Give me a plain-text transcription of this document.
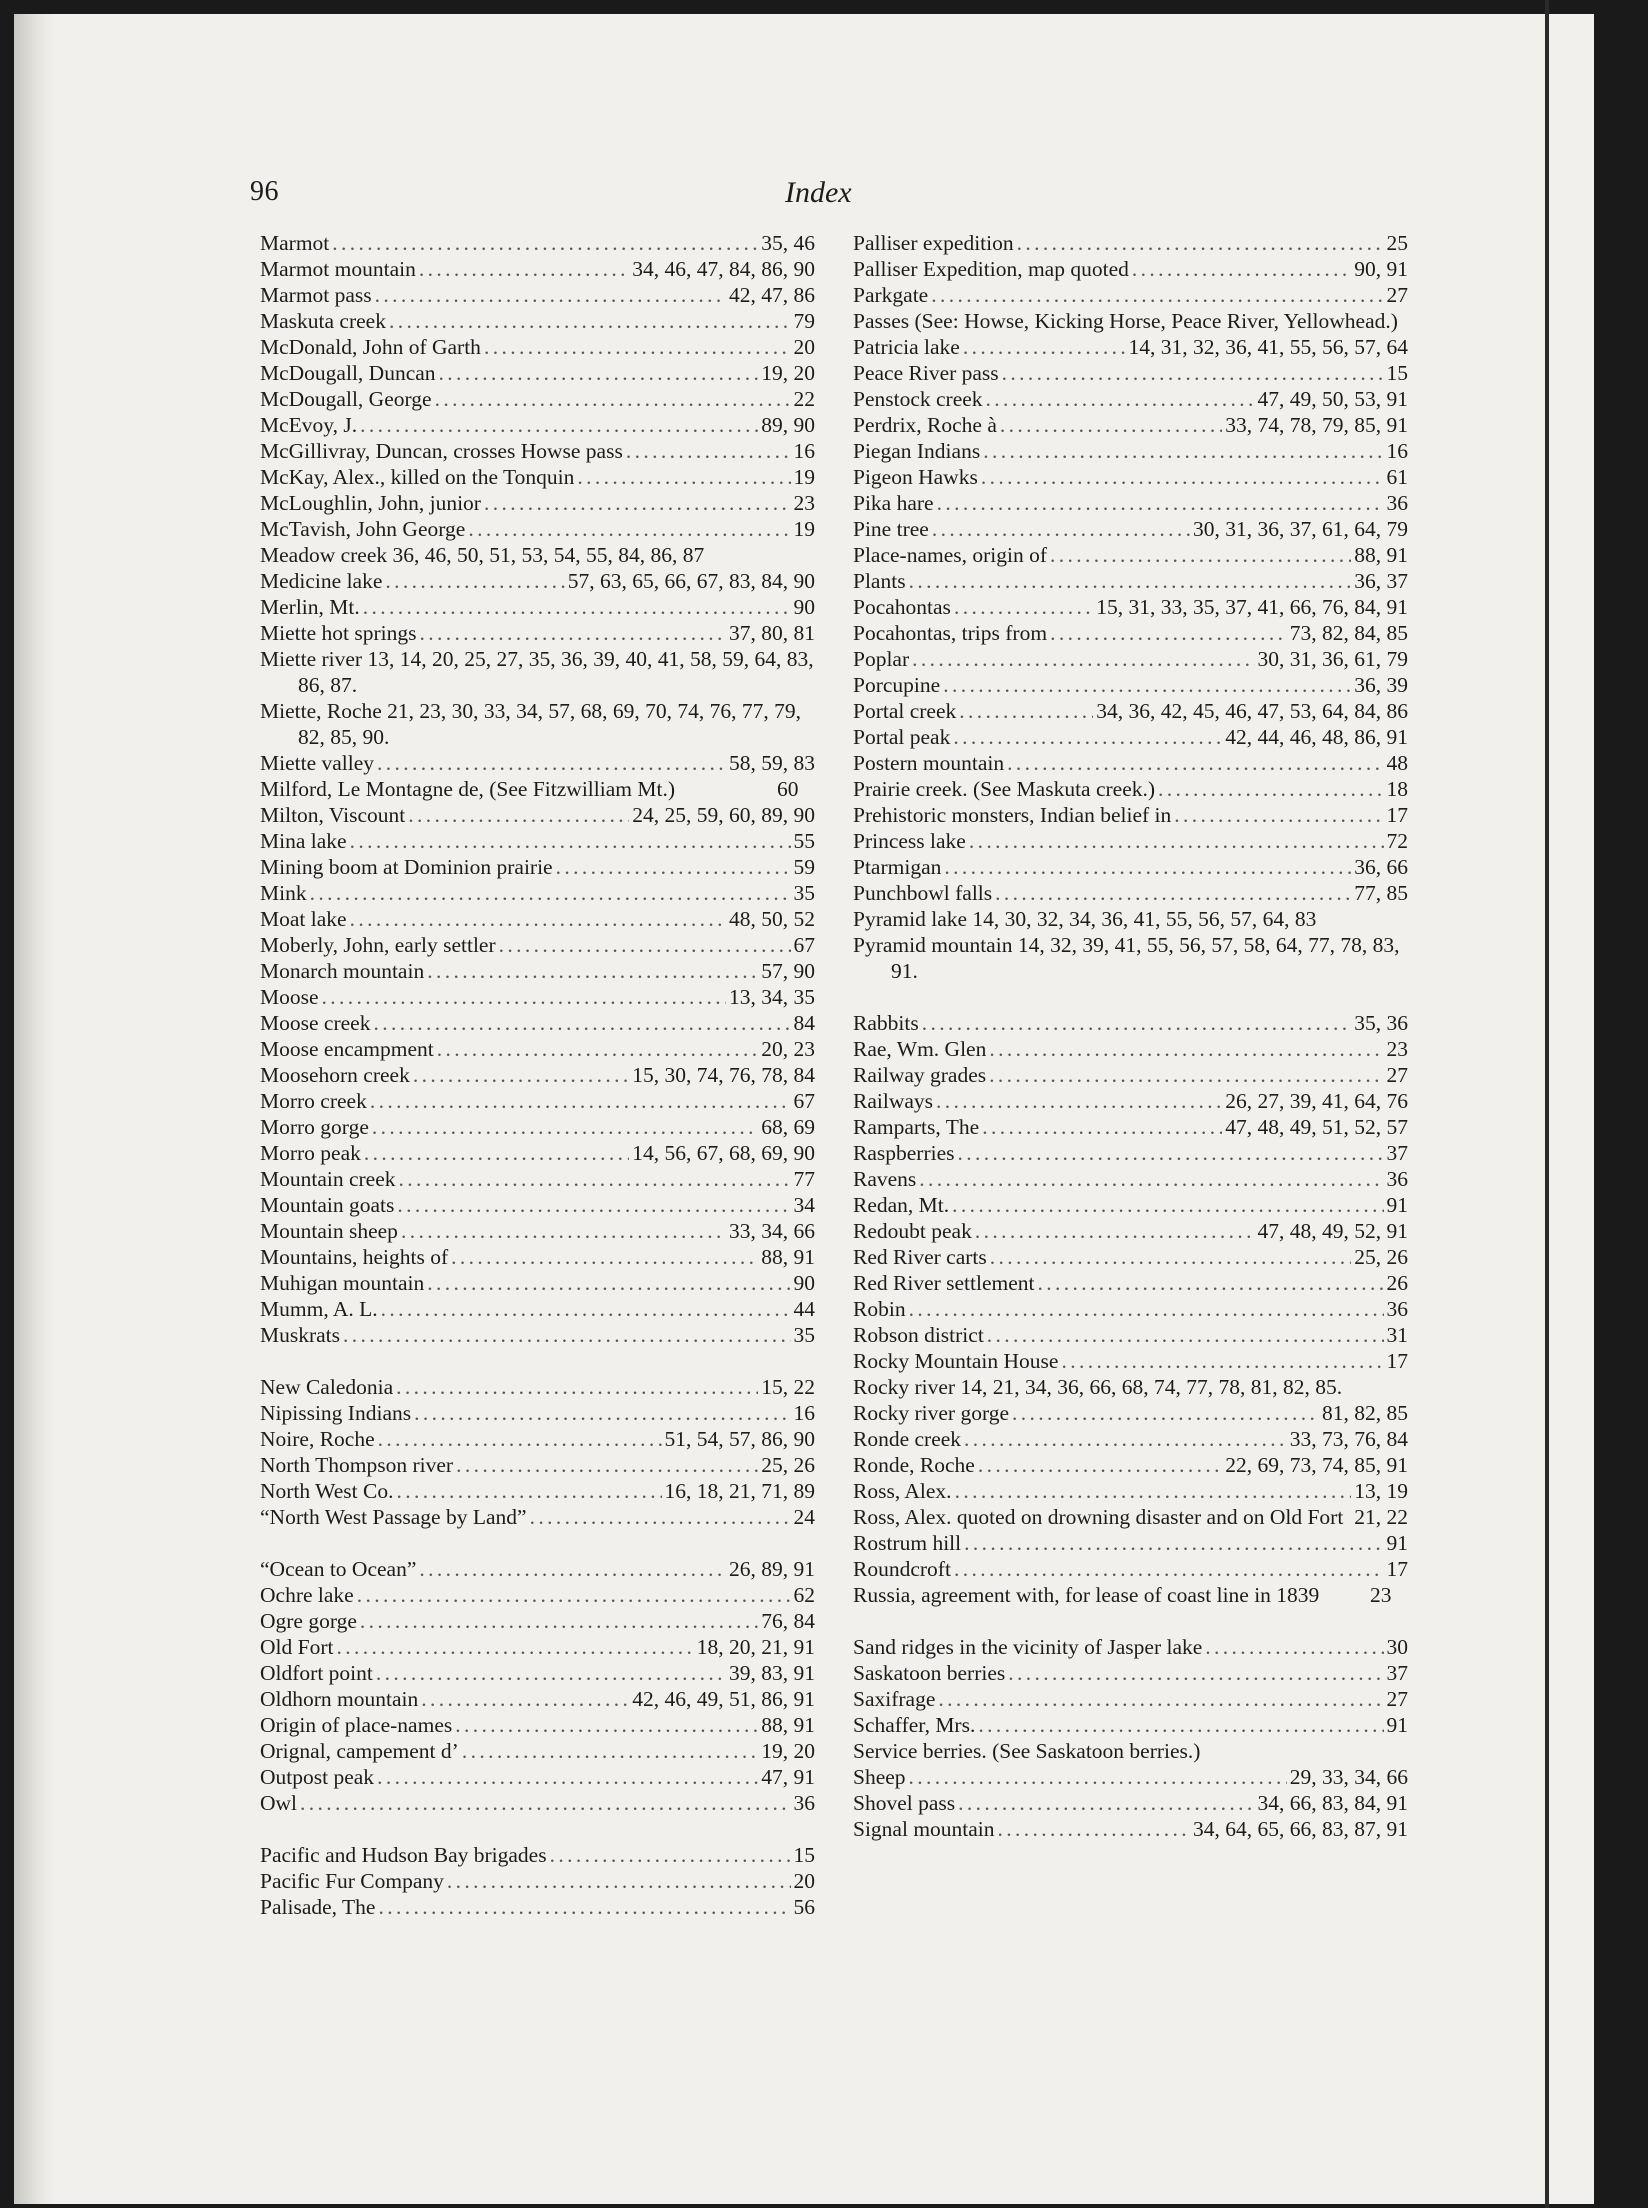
96	Index
Marmot . . .	35, 46
Marmot mountain . . .	34, 46, 47, 84, 86, 90
Marmot pass . . .	42, 47, 86
Maskuta creek . . .	79
McDonald, John of Garth . . .	20
McDougall, Duncan . . .	19, 20
McDougall, George . . .	22
McEvoy, J. . . .	89, 90
McGillivray, Duncan, crosses Howse pass . . .	16
McKay, Alex., killed on the Tonquin . . .	19
McLoughlin, John, junior . . .	23
McTavish, John George . . .	19
Meadow creek 36, 46, 50, 51, 53, 54, 55, 84, 86, 87
Medicine lake . . .	57, 63, 65, 66, 67, 83, 84, 90
Merlin, Mt. . . .	90
Miette hot springs . . .	37, 80, 81
Miette river 13, 14, 20, 25, 27, 35, 36, 39, 40, 41, 58, 59, 64, 83, 86, 87.
Miette, Roche 21, 23, 30, 33, 34, 57, 68, 69, 70, 74, 76, 77, 79, 82, 85, 90.
Miette valley . . .	58, 59, 83
Milford, Le Montagne de, (See Fitzwilliam Mt.)	60
Milton, Viscount . . .	24, 25, 59, 60, 89, 90
Mina lake . . .	55
Mining boom at Dominion prairie . . .	59
Mink . . .	35
Moat lake . . .	48, 50, 52
Moberly, John, early settler . . .	67
Monarch mountain . . .	57, 90
Moose . . .	13, 34, 35
Moose creek . . .	84
Moose encampment . . .	20, 23
Moosehorn creek . . .	15, 30, 74, 76, 78, 84
Morro creek . . .	67
Morro gorge . . .	68, 69
Morro peak . . .	14, 56, 67, 68, 69, 90
Mountain creek . . .	77
Mountain goats . . .	34
Mountain sheep . . .	33, 34, 66
Mountains, heights of . . .	88, 91
Muhigan mountain . . .	90
Mumm, A. L. . . .	44
Muskrats . . .	35
New Caledonia . . .	15, 22
Nipissing Indians . . .	16
Noire, Roche . . .	51, 54, 57, 86, 90
North Thompson river . . .	25, 26
North West Co. . . .	16, 18, 21, 71, 89
“North West Passage by Land” . . .	24
“Ocean to Ocean” . . .	26, 89, 91
Ochre lake . . .	62
Ogre gorge . . .	76, 84
Old Fort . . .	18, 20, 21, 91
Oldfort point . . .	39, 83, 91
Oldhorn mountain . . .	42, 46, 49, 51, 86, 91
Origin of place-names . . .	88, 91
Orignal, campement d’ . . .	19, 20
Outpost peak . . .	47, 91
Owl . . .	36
Pacific and Hudson Bay brigades . . .	15
Pacific Fur Company . . .	20
Palisade, The . . .	56
Palliser expedition . . .	25
Palliser Expedition, map quoted . . .	90, 91
Parkgate . . .	27
Passes (See: Howse, Kicking Horse, Peace River, Yellowhead.)
Patricia lake . . .	14, 31, 32, 36, 41, 55, 56, 57, 64
Peace River pass . . .	15
Penstock creek . . .	47, 49, 50, 53, 91
Perdrix, Roche à . . .	33, 74, 78, 79, 85, 91
Piegan Indians . . .	16
Pigeon Hawks . . .	61
Pika hare . . .	36
Pine tree . . .	30, 31, 36, 37, 61, 64, 79
Place-names, origin of . . .	88, 91
Plants . . .	36, 37
Pocahontas . . .	15, 31, 33, 35, 37, 41, 66, 76, 84, 91
Pocahontas, trips from . . .	73, 82, 84, 85
Poplar . . .	30, 31, 36, 61, 79
Porcupine . . .	36, 39
Portal creek . . .	34, 36, 42, 45, 46, 47, 53, 64, 84, 86
Portal peak . . .	42, 44, 46, 48, 86, 91
Postern mountain . . .	48
Prairie creek. (See Maskuta creek.) . . .	18
Prehistoric monsters, Indian belief in . . .	17
Princess lake . . .	72
Ptarmigan . . .	36, 66
Punchbowl falls . . .	77, 85
Pyramid lake 14, 30, 32, 34, 36, 41, 55, 56, 57, 64, 83
Pyramid mountain 14, 32, 39, 41, 55, 56, 57, 58, 64, 77, 78, 83, 91.
Rabbits . . .	35, 36
Rae, Wm. Glen . . .	23
Railway grades . . .	27
Railways . . .	26, 27, 39, 41, 64, 76
Ramparts, The . . .	47, 48, 49, 51, 52, 57
Raspberries . . .	37
Ravens . . .	36
Redan, Mt. . . .	91
Redoubt peak . . .	47, 48, 49, 52, 91
Red River carts . . .	25, 26
Red River settlement . . .	26
Robin . . .	36
Robson district . . .	31
Rocky Mountain House . . .	17
Rocky river 14, 21, 34, 36, 66, 68, 74, 77, 78, 81, 82, 85.
Rocky river gorge . . .	81, 82, 85
Ronde creek . . .	33, 73, 76, 84
Ronde, Roche . . .	22, 69, 73, 74, 85, 91
Ross, Alex. . . .	13, 19
Ross, Alex. quoted on drowning disaster and on Old Fort 21, 22
Rostrum hill . . .	91
Roundcroft . . .	17
Russia, agreement with, for lease of coast line in 1839	23
Sand ridges in the vicinity of Jasper lake . . .	30
Saskatoon berries . . .	37
Saxifrage . . .	27
Schaffer, Mrs. . . .	91
Service berries. (See Saskatoon berries.)
Sheep . . .	29, 33, 34, 66
Shovel pass . . .	34, 66, 83, 84, 91
Signal mountain . . .	34, 64, 65, 66, 83, 87, 91
